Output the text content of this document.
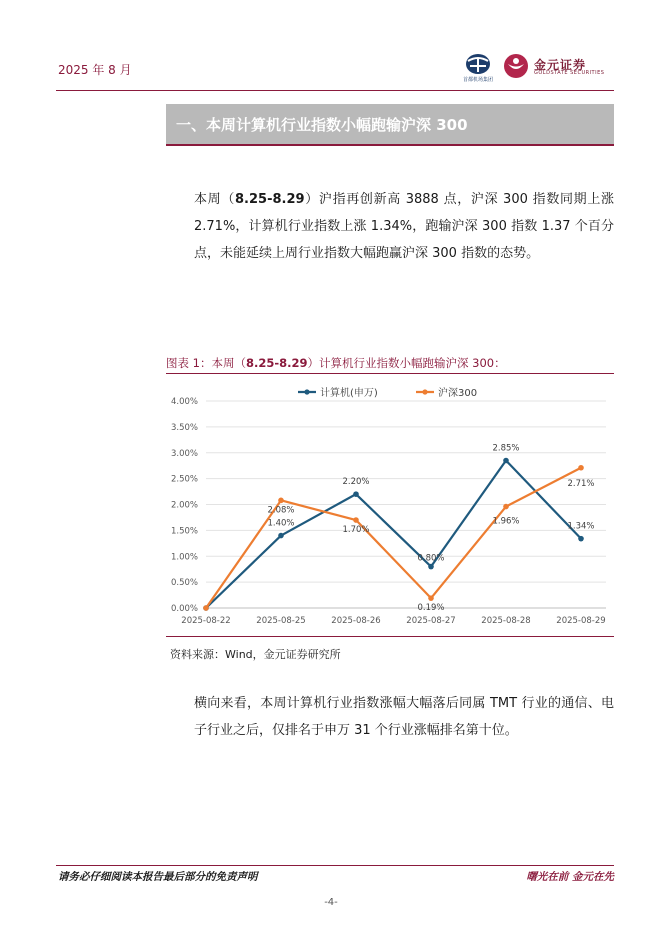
2025 年 8 月
首都机场集团
金元证券
GOLDSTATE SECURITIES
一、本周计算机行业指数小幅跑输沪深 300
本周（8.25-8.29）沪指再创新高 3888 点，沪深 300 指数同期上涨 2.71%，计算机行业指数上涨 1.34%，跑输沪深 300 指数 1.37 个百分点，未能延续上周行业指数大幅跑赢沪深 300 指数的态势。
图表 1：本周（8.25-8.29）计算机行业指数小幅跑输沪深 300：
0.00%
0.50%
1.00%
1.50%
2.00%
2.50%
3.00%
3.50%
4.00%
2025-08-22	2025-08-25	2025-08-26	2025-08-27	2025-08-28	2025-08-29
计算机(申万)	沪深300
1.40%
2.20%
0.80%
2.85%
1.34%
2.08%
1.70%
0.19%
1.96%
2.71%
资料来源：Wind，金元证券研究所
横向来看，本周计算机行业指数涨幅大幅落后同属 TMT 行业的通信、电子行业之后，仅排名于申万 31 个行业涨幅排名第十位。
请务必仔细阅读本报告最后部分的免责声明	曙光在前 金元在先
-4-
